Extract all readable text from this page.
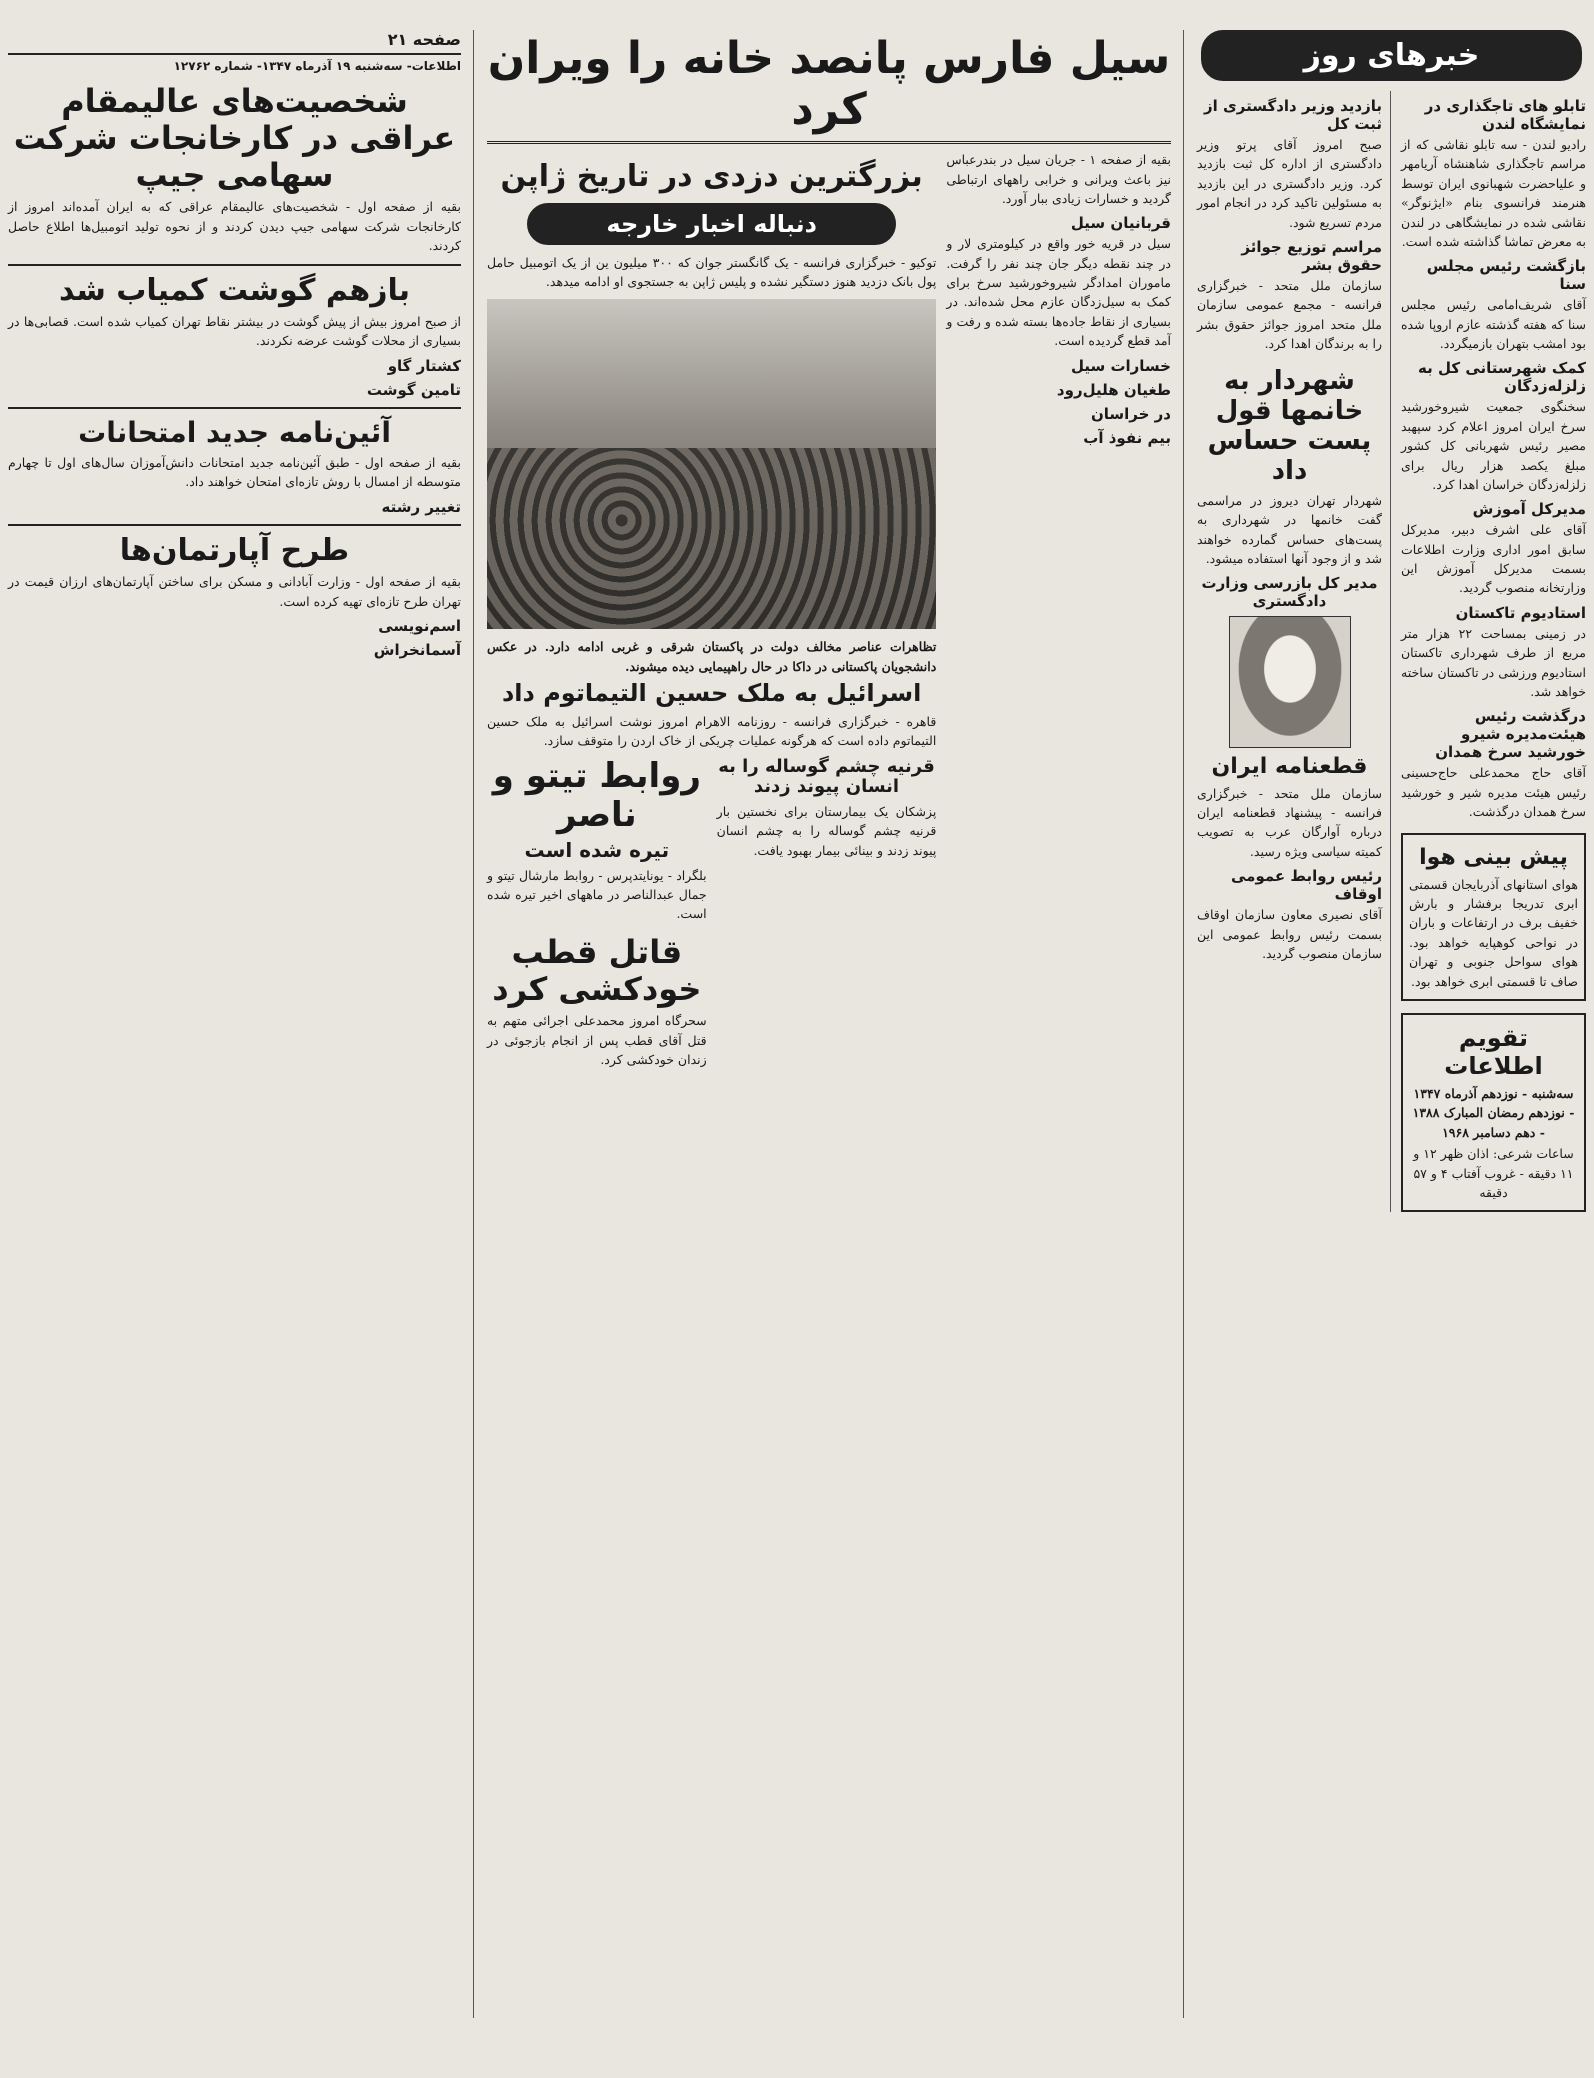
خبرهای روز
تابلو های تاجگذاری در نمایشگاه لندن

رادیو لندن - سه تابلو نقاشی که از مراسم تاجگذاری شاهنشاه آریامهر و علیاحضرت شهبانوی ایران توسط هنرمند فرانسوی بنام «ایژنوگر» نقاشی شده در نمایشگاهی در لندن به معرض تماشا گذاشته شده است.

بازگشت رئیس مجلس سنا

آقای شریف‌امامی رئیس مجلس سنا که هفته گذشته عازم اروپا شده بود امشب بتهران بازمیگردد.

کمک شهرستانی کل به زلزله‌زدگان

سخنگوی جمعیت شیروخورشید سرخ ایران امروز اعلام کرد سپهبد مصیر رئیس شهربانی کل کشور مبلغ یکصد هزار ریال برای زلزله‌زدگان خراسان اهدا کرد.

مدیرکل آموزش

آقای علی اشرف دبیر، مدیرکل سابق امور اداری وزارت اطلاعات بسمت مدیرکل آموزش این وزارتخانه منصوب گردید.

استادیوم تاکستان

در زمینی بمساحت ۲۲ هزار متر مربع از طرف شهرداری تاکستان استادیوم ورزشی در تاکستان ساخته خواهد شد.

درگذشت رئیس هیئت‌مدیره شیرو خورشید سرخ همدان

آقای حاج محمدعلی حاج‌حسینی رئیس هیئت مدیره شیر و خورشید سرخ همدان درگذشت.

پیش بینی هوا

هوای استانهای آذربایجان قسمتی ابری تدریجا برفشار و بارش خفیف برف در ارتفاعات و باران در نواحی کوهپایه خواهد بود. هوای سواحل جنوبی و تهران صاف تا قسمتی ابری خواهد بود.

تقویم اطلاعات

سه‌شنبه - نوزدهم آذرماه ۱۳۴۷ - نوزدهم رمضان المبارک ۱۳۸۸ - دهم دسامبر ۱۹۶۸

ساعات شرعی: اذان ظهر ۱۲ و ۱۱ دقیقه - غروب آفتاب ۴ و ۵۷ دقیقه

بازدید وزیر دادگستری از ثبت کل

صبح امروز آقای پرتو وزیر دادگستری از اداره کل ثبت بازدید کرد. وزیر دادگستری در این بازدید به مسئولین تاکید کرد در انجام امور مردم تسریع شود.

مراسم توزیع جوائز حقوق بشر

سازمان ملل متحد - خبرگزاری فرانسه - مجمع عمومی سازمان ملل متحد امروز جوائز حقوق بشر را به برندگان اهدا کرد.

شهردار به خانمها قول پست حساس داد

شهردار تهران دیروز در مراسمی گفت خانمها در شهرداری به پست‌های حساس گمارده خواهند شد و از وجود آنها استفاده میشود.

مدیر کل بازرسی وزارت دادگستری
قطعنامه ایران

سازمان ملل متحد - خبرگزاری فرانسه - پیشنهاد قطعنامه ایران درباره آوارگان عرب به تصویب کمیته سیاسی ویژه رسید.

رئیس روابط عمومی اوقاف

آقای نصیری معاون سازمان اوقاف بسمت رئیس روابط عمومی این سازمان منصوب گردید.

سیل فارس پانصد خانه را ویران کرد

بقیه از صفحه ۱ - جریان سیل در بندرعباس نیز باعث ویرانی و خرابی راههای ارتباطی گردید و خسارات زیادی ببار آورد.

قربانیان سیل

سیل در قریه خور واقع در کیلومتری لار و در چند نقطه دیگر جان چند نفر را گرفت. ماموران امدادگر شیروخورشید سرخ برای کمک به سیل‌زدگان عازم محل شده‌اند. در بسیاری از نقاط جاده‌ها بسته شده و رفت و آمد قطع گردیده است.

خسارات سیل
طغیان هلیل‌رود
در خراسان
بیم نفوذ آب
بزرگترین دزدی در تاریخ ژاپن
دنباله اخبار خارجه

توکیو - خبرگزاری فرانسه - یک گانگستر جوان که ۳۰۰ میلیون ین از یک اتومبیل حامل پول بانک دزدید هنوز دستگیر نشده و پلیس ژاپن به جستجوی او ادامه میدهد.

تظاهرات عناصر مخالف دولت در پاکستان شرقی و غربی ادامه دارد. در عکس دانشجویان پاکستانی در داکا در حال راهپیمایی دیده میشوند.

اسرائیل به ملک حسین التیماتوم داد

قاهره - خبرگزاری فرانسه - روزنامه الاهرام امروز نوشت اسرائیل به ملک حسین التیماتوم داده است که هرگونه عملیات چریکی از خاک اردن را متوقف سازد.

قرنیه چشم گوساله را به انسان پیوند زدند

پزشکان یک بیمارستان برای نخستین بار قرنیه چشم گوساله را به چشم انسان پیوند زدند و بینائی بیمار بهبود یافت.

روابط تیتو و ناصر
تیره شده است

بلگراد - یونایتدپرس - روابط مارشال تیتو و جمال عبدالناصر در ماههای اخیر تیره شده است.

قاتل قطب خودکشی کرد

سحرگاه امروز محمدعلی اجرائی متهم به قتل آقای قطب پس از انجام بازجوئی در زندان خودکشی کرد.

صفحه ۲۱
اطلاعات- سه‌شنبه ۱۹ آذرماه ۱۳۴۷- شماره ۱۲۷۶۲
شخصیت‌های عالیمقام عراقی در کارخانجات شرکت سهامی جیپ

بقیه از صفحه اول - شخصیت‌های عالیمقام عراقی که به ایران آمده‌اند امروز از کارخانجات شرکت سهامی جیپ دیدن کردند و از نحوه تولید اتومبیل‌ها اطلاع حاصل کردند.

بازهم گوشت کمیاب شد

از صبح امروز بیش از پیش گوشت در بیشتر نقاط تهران کمیاب شده است. قصابی‌ها در بسیاری از محلات گوشت عرضه نکردند.

کشتار گاو
تامین گوشت
آئین‌نامه جدید امتحانات

بقیه از صفحه اول - طبق آئین‌نامه جدید امتحانات دانش‌آموزان سال‌های اول تا چهارم متوسطه از امسال با روش تازه‌ای امتحان خواهند داد.

تغییر رشته
طرح آپارتمان‌ها

بقیه از صفحه اول - وزارت آبادانی و مسکن برای ساختن آپارتمان‌های ارزان قیمت در تهران طرح تازه‌ای تهیه کرده است.

اسم‌نویسی
آسمانخراش
